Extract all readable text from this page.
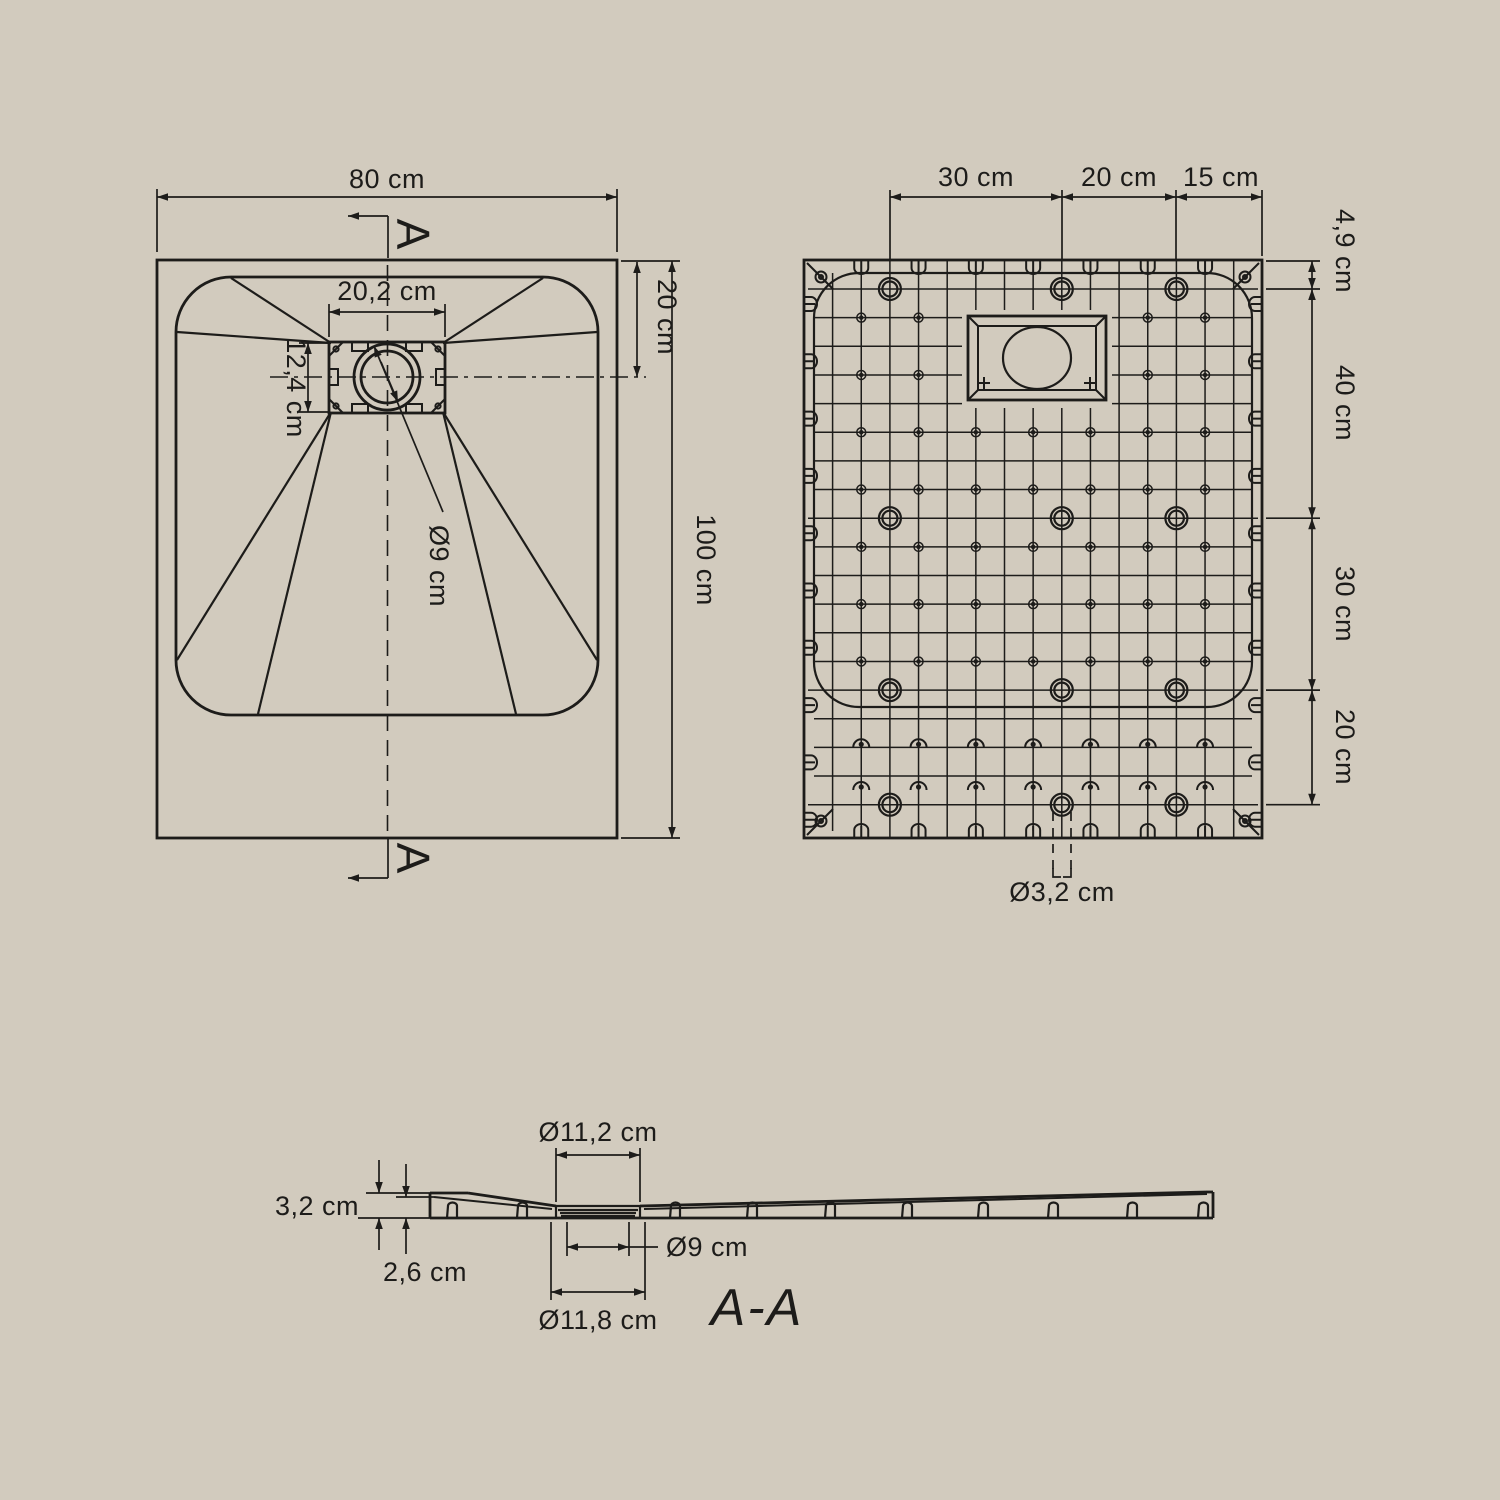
A
A
80 cm
100 cm
20 cm
20,2 cm
12,4 cm
Ø9 cm
30 cm 20 cm 15 cm
4,9 cm
40 cm
30 cm
20 cm
Ø3,2 cm
Ø11,2 cm
3,2 cm
2,6 cm
Ø9 cm
Ø11,8 cm A-A
